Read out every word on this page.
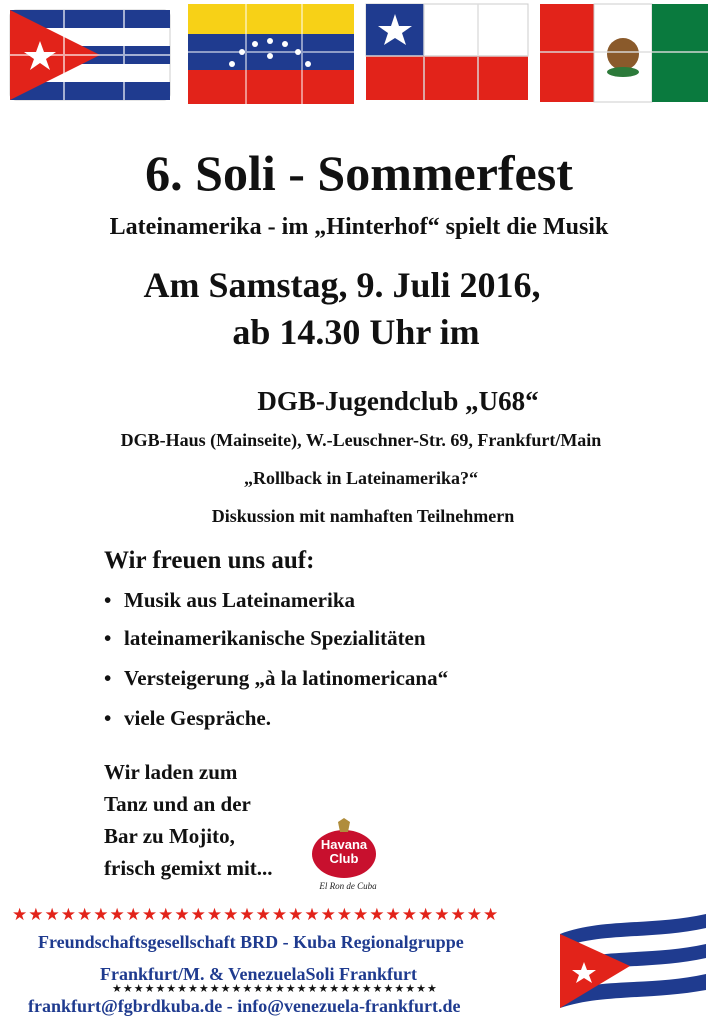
6. Soli - Sommerfest
Lateinamerika - im „Hinterhof“ spielt die Musik
Am Samstag, 9. Juli 2016,
ab 14.30 Uhr im
DGB-Jugendclub „U68“
DGB-Haus (Mainseite), W.-Leuschner-Str. 69, Frankfurt/Main
„Rollback in Lateinamerika?“
Diskussion mit namhaften Teilnehmern
Wir freuen uns auf:
• Musik aus Lateinamerika
• lateinamerikanische Spezialitäten
• Versteigerung „à la latinomericana“
• viele Gespräche.
Wir laden zum
Tanz und an der
Bar zu Mojito,
frisch gemixt mit...
Havana
Club
El Ron de Cuba
★★★★★★★★★★★★★★★★★★★★★★★★★★★★★★
Freundschaftsgesellschaft BRD - Kuba Regionalgruppe
Frankfurt/M. & VenezuelaSoli Frankfurt
★★★★★★★★★★★★★★★★★★★★★★★★★★★★★★
frankfurt@fgbrdkuba.de - info@venezuela-frankfurt.de
